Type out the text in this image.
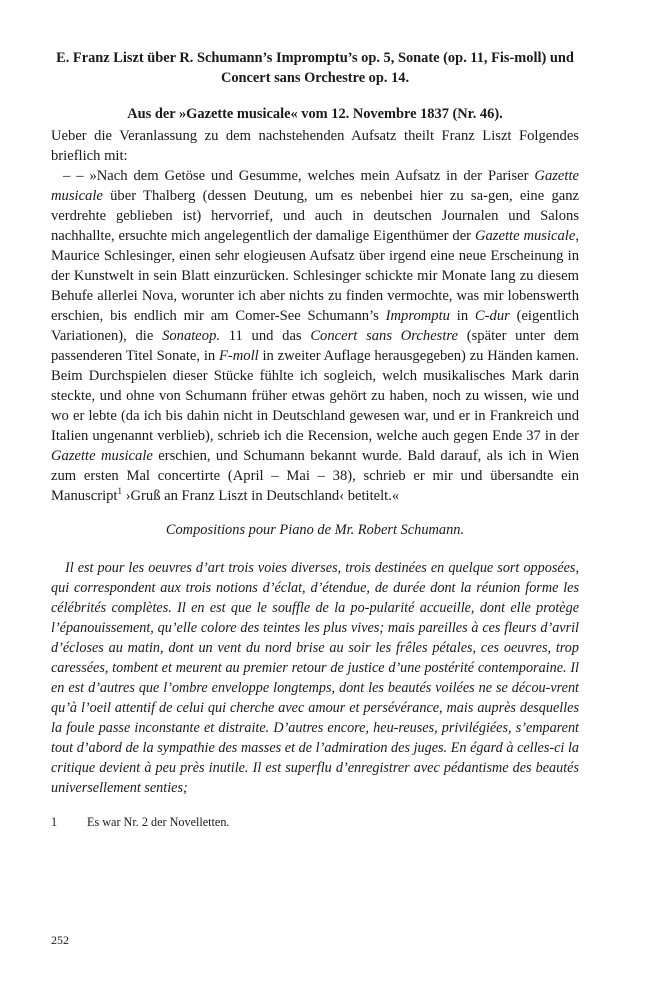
E. Franz Liszt über R. Schumann’s Impromptu’s op. 5, Sonate (op. 11, Fis-moll) und Concert sans Orchestre op. 14.

Aus der »Gazette musicale« vom 12. Novembre 1837 (Nr. 46).

Ueber die Veranlassung zu dem nachstehenden Aufsatz theilt Franz Liszt Folgendes brieflich mit:
– – »Nach dem Getöse und Gesumme, welches mein Aufsatz in der Pariser Gazette musicale über Thalberg (dessen Deutung, um es nebenbei hier zu sa-gen, eine ganz verdrehte geblieben ist) hervorrief, und auch in deutschen Journalen und Salons nachhallte, ersuchte mich angelegentlich der damalige Eigenthümer der Gazette musicale, Maurice Schlesinger, einen sehr elogieusen Aufsatz über irgend eine neue Erscheinung in der Kunstwelt in sein Blatt einzurücken. Schlesinger schickte mir Monate lang zu diesem Behufe allerlei Nova, worunter ich aber nichts zu finden vermochte, was mir lobenswerth erschien, bis endlich mir am Comer-See Schumann’s Impromptu in C-dur (eigentlich Variationen), die Sonateop. 11 und das Concert sans Orchestre (später unter dem passenderen Titel Sonate, in F-moll in zweiter Auflage herausgegeben) zu Händen kamen. Beim Durchspielen dieser Stücke fühlte ich sogleich, welch musikalisches Mark darin steckte, und ohne von Schumann früher etwas gehört zu haben, noch zu wissen, wie und wo er lebte (da ich bis dahin nicht in Deutschland gewesen war, und er in Frankreich und Italien ungenannt verblieb), schrieb ich die Recension, welche auch gegen Ende 37 in der Gazette musicale erschien, und Schumann bekannt wurde. Bald darauf, als ich in Wien zum ersten Mal concertirte (April – Mai – 38), schrieb er mir und übersandte ein Manuscript$^1$ ›Gruß an Franz Liszt in Deutschland‹ betitelt.«

Compositions pour Piano de Mr. Robert Schumann.

Il est pour les oeuvres d’art trois voies diverses, trois destinées en quelque sort opposées, qui correspondent aux trois notions d’éclat, d’étendue, de durée dont la réunion forme les célébrités complètes. Il en est que le souffle de la po-pularité accueille, dont elle protège l’épanouissement, qu’elle colore des teintes les plus vives; mais pareilles à ces fleurs d’avril d’écloses au matin, dont un vent du nord brise au soir les frêles pétales, ces oeuvres, trop caressées, tombent et meurent au premier retour de justice d’une postérité contemporaine. Il en est d’autres que l’ombre enveloppe longtemps, dont les beautés voilées ne se décou-vrent qu’à l’oeil attentif de celui qui cherche avec amour et persévérance, mais auprès desquelles la foule passe inconstante et distraite. D’autres encore, heu-reuses, privilégiées, s’emparent tout d’abord de la sympathie des masses et de l’admiration des juges. En égard à celles-ci la critique devient à peu près inutile. Il est superflu d’enregistrer avec pédantisme des beautés universellement senties;

1	Es war Nr. 2 der Novelletten.
252
